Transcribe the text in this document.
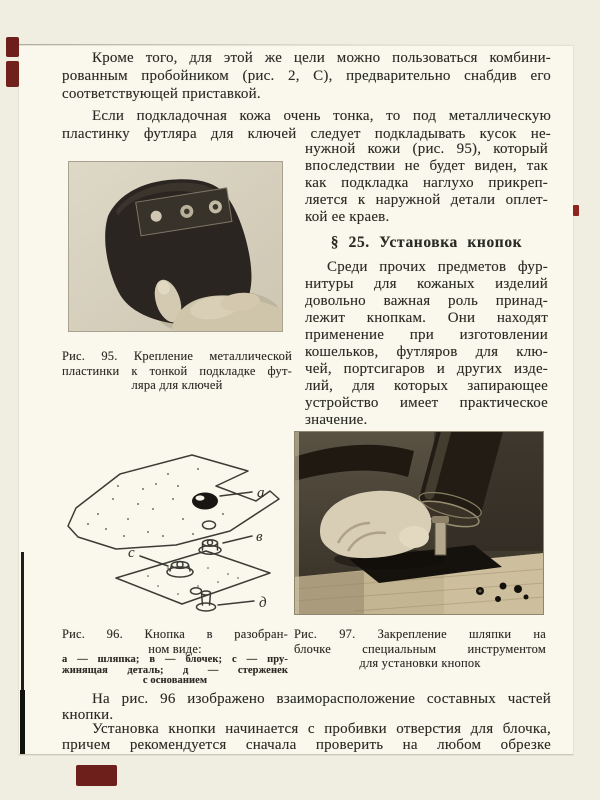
Кроме того, для этой же цели можно пользоваться комбини-
рованным пробойником (рис. 2, С), предварительно снабдив его
соответствующей приставкой.
Если подкладочная кожа очень тонка, то под металлическую
пластинку футляра для ключей следует подкладывать кусок не-
нужной кожи (рис. 95), который
впоследствии не будет виден, так
как подкладка наглухо прикреп-
ляется к наружной детали оплет-
кой ее краев.
§ 25. Установка кнопок
Среди прочих предметов фур-
нитуры для кожаных изделий
довольно важная роль принад-
лежит кнопкам. Они находят
применение при изготовлении
кошельков, футляров для клю-
чей, портсигаров и других изде-
лий, для которых запирающее
устройство имеет практическое
значение.
Рис. 95. Крепление металлической
пластинки к тонкой подкладке фут-
ляра для ключей
а
в
с
д
Рис. 96. Кнопка в разобран-
ном виде:
а — шляпка; в — блочек; с — пру-
жинящая деталь; д — стерженек
с основанием
Рис. 97. Закрепление шляпки на
блочке специальным инструментом
для установки кнопок
На рис. 96 изображено взаиморасположение составных частей
кнопки.
Установка кнопки начинается с пробивки отверстия для блочка,
причем рекомендуется сначала проверить на любом обрезке
